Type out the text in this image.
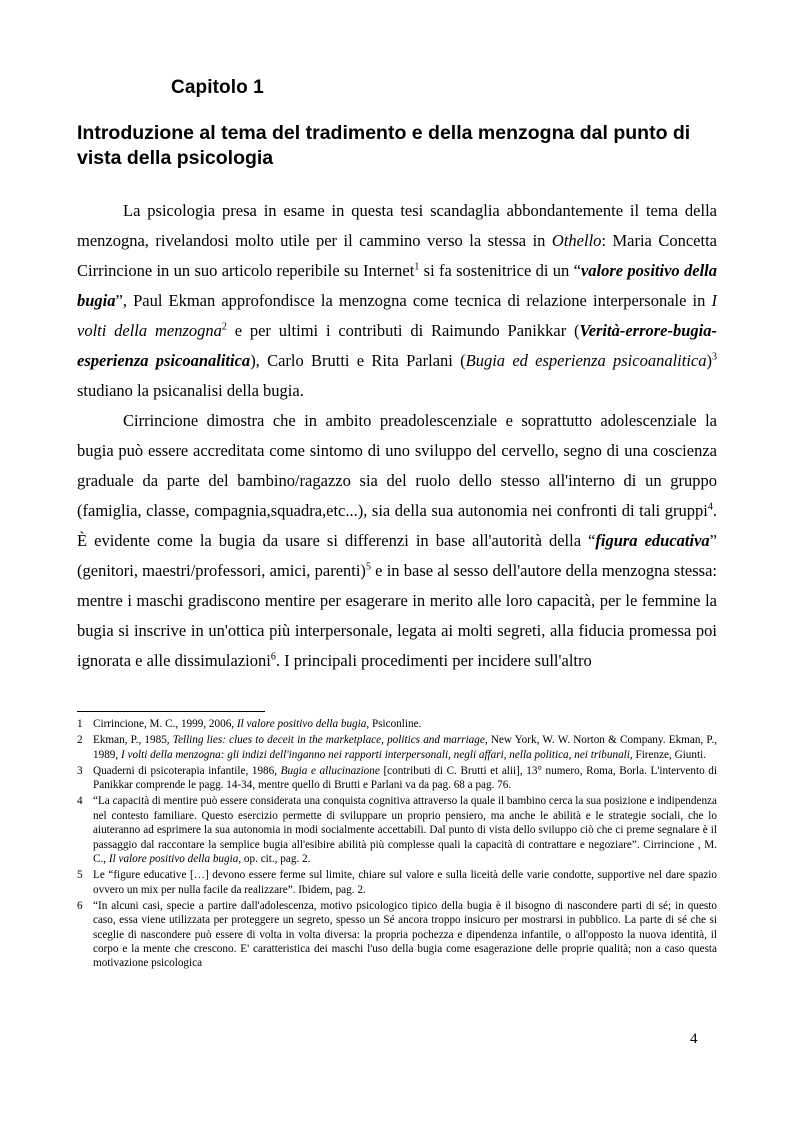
Capitolo 1
Introduzione al tema del tradimento e della menzogna dal punto di vista della psicologia

La psicologia presa in esame in questa tesi scandaglia abbondantemente il tema della menzogna, rivelandosi molto utile per il cammino verso la stessa in Othello: Maria Concetta Cirrincione in un suo articolo reperibile su Internet$^1$ si fa sostenitrice di un “valore positivo della bugia”, Paul Ekman approfondisce la menzogna come tecnica di relazione interpersonale in I volti della menzogna$^2$ e per ultimi i contributi di Raimundo Panikkar (Verità-errore-bugia-esperienza psicoanalitica), Carlo Brutti e Rita Parlani (Bugia ed esperienza psicoanalitica)$^3$ studiano la psicanalisi della bugia.

Cirrincione dimostra che in ambito preadolescenziale e soprattutto adolescenziale la bugia può essere accreditata come sintomo di uno sviluppo del cervello, segno di una coscienza graduale da parte del bambino/ragazzo sia del ruolo dello stesso all'interno di un gruppo (famiglia, classe, compagnia,squadra,etc...), sia della sua autonomia nei confronti di tali gruppi$^4$. È evidente come la bugia da usare si differenzi in base all'autorità della “figura educativa” (genitori, maestri/professori, amici, parenti)$^5$ e in base al sesso dell'autore della menzogna stessa: mentre i maschi gradiscono mentire per esagerare in merito alle loro capacità, per le femmine la bugia si inscrive in un'ottica più interpersonale, legata ai molti segreti, alla fiducia promessa poi ignorata e alle dissimulazioni$^6$. I principali procedimenti per incidere sull'altro

1 Cirrincione, M. C., 1999, 2006, Il valore positivo della bugia, Psiconline.
2 Ekman, P., 1985, Telling lies: clues to deceit in the marketplace, politics and marriage, New York, W. W. Norton & Company. Ekman, P., 1989, I volti della menzogna: gli indizi dell'inganno nei rapporti interpersonali, negli affari, nella politica, nei tribunali, Firenze, Giunti.
3 Quaderni di psicoterapia infantile, 1986, Bugia e allucinazione [contributi di C. Brutti et alii], 13° numero, Roma, Borla. L'intervento di Panikkar comprende le pagg. 14-34, mentre quello di Brutti e Parlani va da pag. 68 a pag. 76.
4 “La capacità di mentire può essere considerata una conquista cognitiva attraverso la quale il bambino cerca la sua posizione e indipendenza nel contesto familiare. Questo esercizio permette di sviluppare un proprio pensiero, ma anche le abilità e le strategie sociali, che lo aiuteranno ad esprimere la sua autonomia in modi socialmente accettabili. Dal punto di vista dello sviluppo ciò che ci preme segnalare è il passaggio dal raccontare la semplice bugia all'esibire abilità più complesse quali la capacità di contrattare e negoziare”. Cirrincione , M. C., Il valore positivo della bugia, op. cit., pag. 2.
5 Le “figure educative […] devono essere ferme sul limite, chiare sul valore e sulla liceità delle varie condotte, supportive nel dare spazio ovvero un mix per nulla facile da realizzare”. Ibidem, pag. 2.
6 “In alcuni casi, specie a partire dall'adolescenza, motivo psicologico tipico della bugia è il bisogno di nascondere parti di sé; in questo caso, essa viene utilizzata per proteggere un segreto, spesso un Sé ancora troppo insicuro per mostrarsi in pubblico. La parte di sé che si sceglie di nascondere può essere di volta in volta diversa: la propria pochezza e dipendenza infantile, o all'opposto la nuova identità, il corpo e la mente che crescono. E' caratteristica dei maschi l'uso della bugia come esagerazione delle proprie qualità; non a caso questa motivazione psicologica
4
